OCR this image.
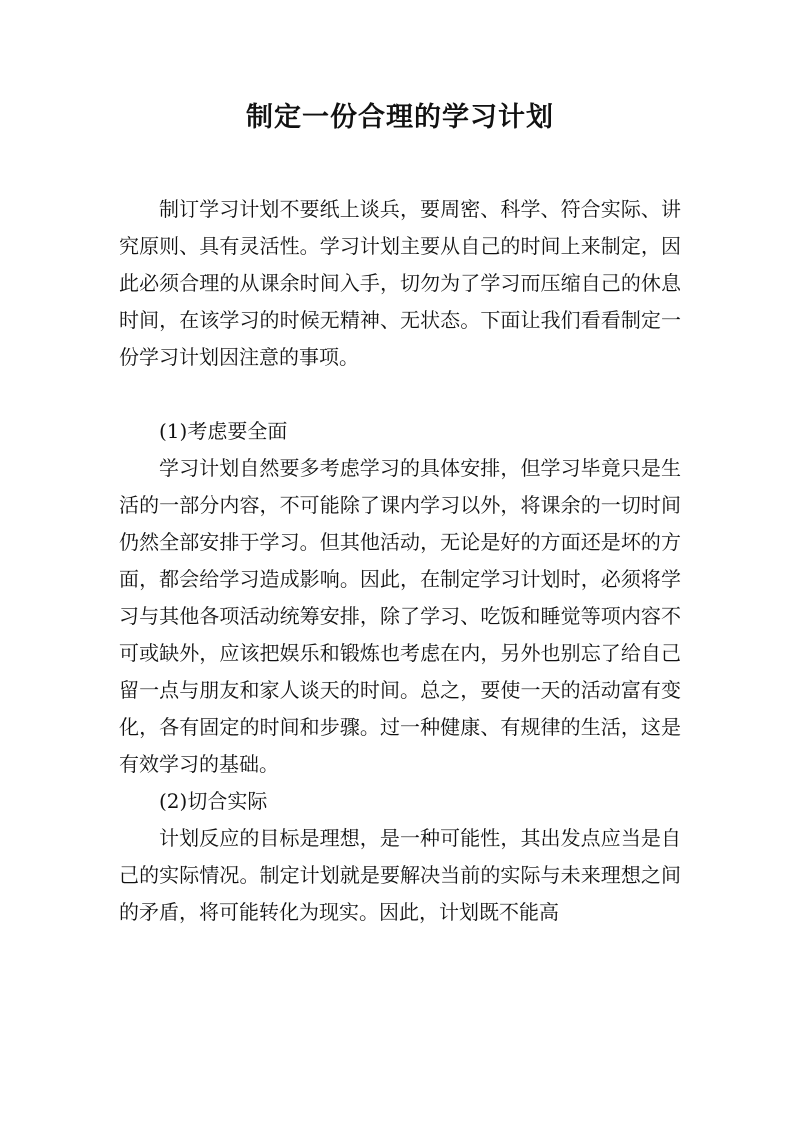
制定一份合理的学习计划

制订学习计划不要纸上谈兵，要周密、科学、符合实际、讲究原则、具有灵活性。学习计划主要从自己的时间上来制定，因此必须合理的从课余时间入手，切勿为了学习而压缩自己的休息时间，在该学习的时候无精神、无状态。下面让我们看看制定一份学习计划因注意的事项。

(1)考虑要全面

学习计划自然要多考虑学习的具体安排，但学习毕竟只是生活的一部分内容，不可能除了课内学习以外，将课余的一切时间仍然全部安排于学习。但其他活动，无论是好的方面还是坏的方面，都会给学习造成影响。因此，在制定学习计划时，必须将学习与其他各项活动统筹安排，除了学习、吃饭和睡觉等项内容不可或缺外，应该把娱乐和锻炼也考虑在内，另外也别忘了给自己留一点与朋友和家人谈天的时间。总之，要使一天的活动富有变化，各有固定的时间和步骤。过一种健康、有规律的生活，这是有效学习的基础。

(2)切合实际

计划反应的目标是理想，是一种可能性，其出发点应当是自己的实际情况。制定计划就是要解决当前的实际与未来理想之间的矛盾，将可能转化为现实。因此，计划既不能高
